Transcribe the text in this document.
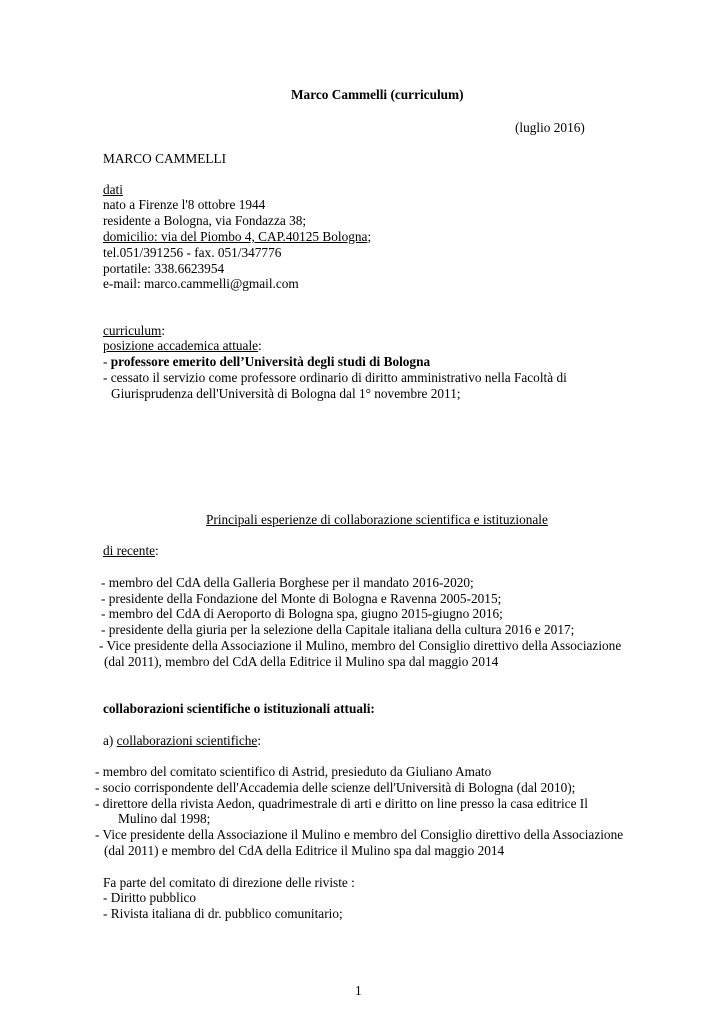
Marco Cammelli (curriculum)

(luglio 2016)

MARCO CAMMELLI

dati

nato a Firenze l'8 ottobre 1944

residente a Bologna, via Fondazza 38;

domicilio: via del Piombo 4, CAP.40125 Bologna;

tel.051/391256 - fax. 051/347776

portatile: 338.6623954

e-mail: marco.cammelli@gmail.com

curriculum:

posizione accademica attuale:

- professore emerito dell’Università degli studi di Bologna

- cessato il servizio come professore ordinario di diritto amministrativo nella Facoltà di

Giurisprudenza dell'Università di Bologna dal 1° novembre 2011;

Principali esperienze di collaborazione scientifica e istituzionale

di recente:

- membro del CdA della Galleria Borghese per il mandato 2016-2020;

- presidente della Fondazione del Monte di Bologna e Ravenna 2005-2015;

- membro del CdA di Aeroporto di Bologna spa, giugno 2015-giugno 2016;

- presidente della giuria per la selezione della Capitale italiana della cultura 2016 e 2017;

- Vice presidente della Associazione il Mulino, membro del Consiglio direttivo della Associazione

(dal 2011), membro del CdA della Editrice il Mulino spa dal maggio 2014

collaborazioni scientifiche o istituzionali attuali:

a) collaborazioni scientifiche:

- membro del comitato scientifico di Astrid, presieduto da Giuliano Amato

- socio corrispondente dell'Accademia delle scienze dell'Università di Bologna (dal 2010);

- direttore della rivista Aedon, quadrimestrale di arti e diritto on line presso la casa editrice Il

Mulino dal 1998;

- Vice presidente della Associazione il Mulino e membro del Consiglio direttivo della Associazione

(dal 2011) e membro del CdA della Editrice il Mulino spa dal maggio 2014

Fa parte del comitato di direzione delle riviste :

- Diritto pubblico

- Rivista italiana di dr. pubblico comunitario;

1
